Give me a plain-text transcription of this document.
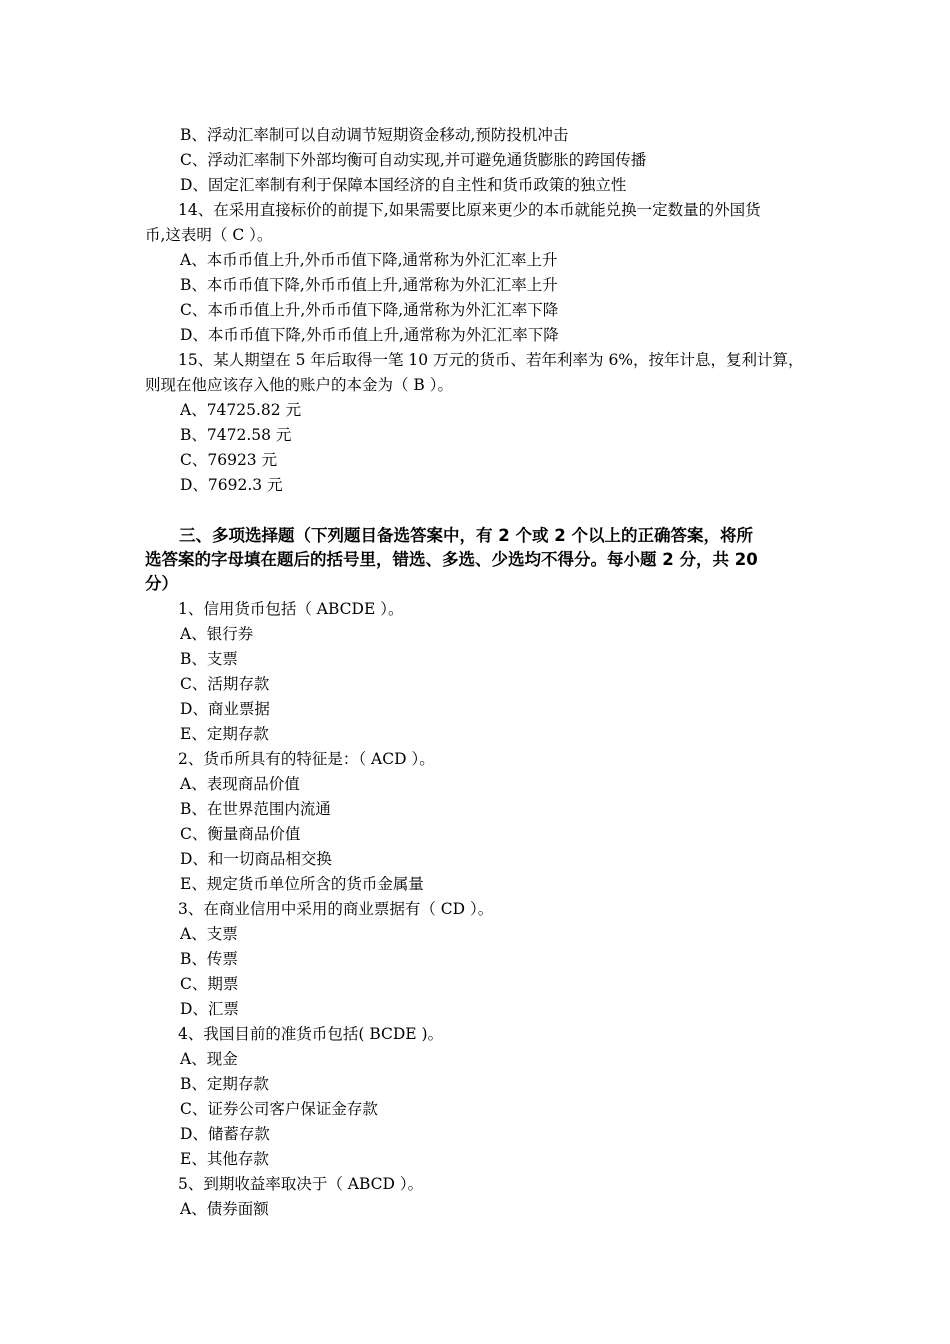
B、浮动汇率制可以自动调节短期资金移动,预防投机冲击
C、浮动汇率制下外部均衡可自动实现,并可避免通货膨胀的跨国传播
D、固定汇率制有利于保障本国经济的自主性和货币政策的独立性
14、在采用直接标价的前提下,如果需要比原来更少的本币就能兑换一定数量的外国货
币,这表明（ C ）。
A、本币币值上升,外币币值下降,通常称为外汇汇率上升
B、本币币值下降,外币币值上升,通常称为外汇汇率上升
C、本币币值上升,外币币值下降,通常称为外汇汇率下降
D、本币币值下降,外币币值上升,通常称为外汇汇率下降
15、某人期望在 5 年后取得一笔 10 万元的货币、若年利率为 6%，按年计息，复利计算，
则现在他应该存入他的账户的本金为（ B ）。
A、74725.82 元
B、7472.58 元
C、76923 元
D、7692.3 元
三、多项选择题（下列题目备选答案中，有 2 个或 2 个以上的正确答案，将所
选答案的字母填在题后的括号里，错选、多选、少选均不得分。每小题 2 分，共 20
分）
1、信用货币包括（ ABCDE ）。
A、银行券
B、支票
C、活期存款
D、商业票据
E、定期存款
2、货币所具有的特征是：（ ACD ）。
A、表现商品价值
B、在世界范围内流通
C、衡量商品价值
D、和一切商品相交换
E、规定货币单位所含的货币金属量
3、在商业信用中采用的商业票据有（ CD ）。
A、支票
B、传票
C、期票
D、汇票
4、我国目前的准货币包括( BCDE )。
A、现金
B、定期存款
C、证券公司客户保证金存款
D、储蓄存款
E、其他存款
5、到期收益率取决于（ ABCD ）。
A、债券面额
